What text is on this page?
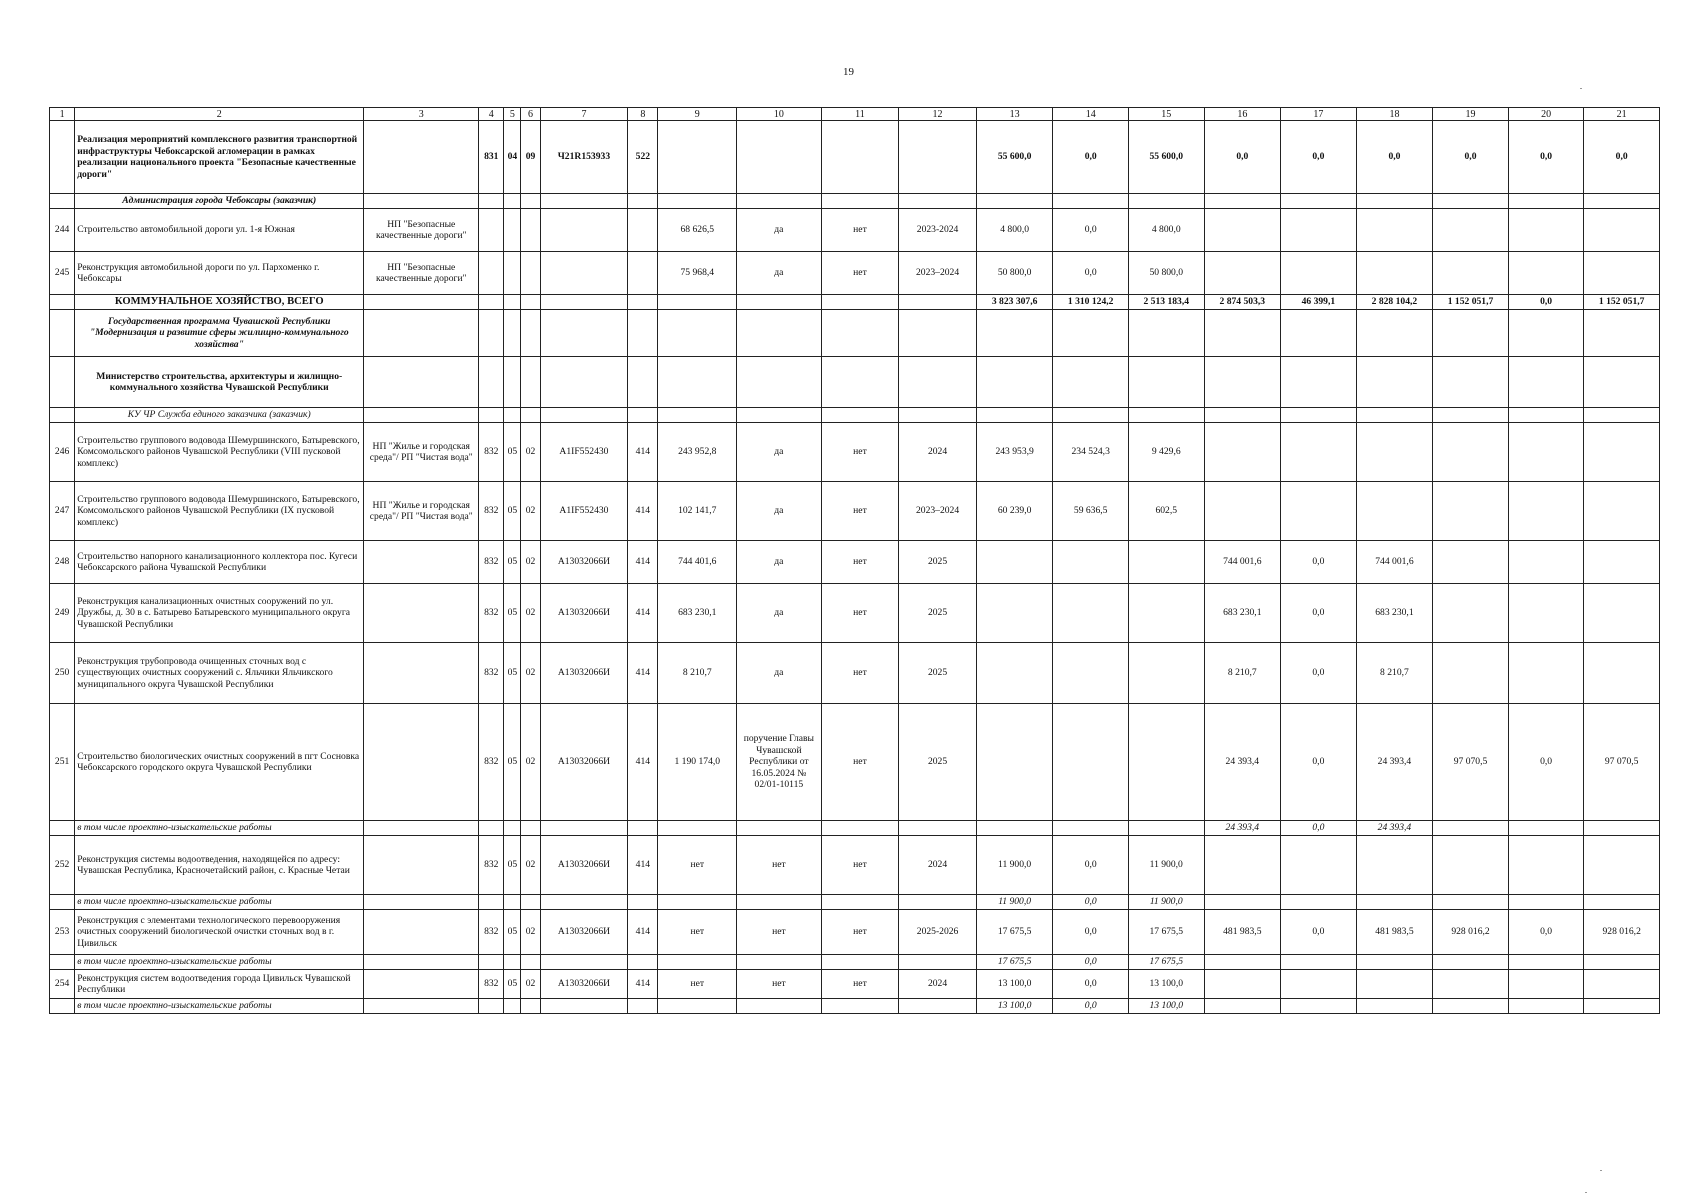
19
1	2	3	4	5	6	7	8	9	10	11	12	13	14	15	16	17	18	19	20	21
	Реализация мероприятий комплексного развития транспортной инфраструктуры Чебоксарской агломерации в рамках реализации национального проекта "Безопасные качественные дороги"		831	04	09	Ч21R153933	522					55 600,0	0,0	55 600,0	0,0	0,0	0,0	0,0	0,0	0,0
	Администрация города Чебоксары (заказчик)																			
244	Строительство автомобильной дороги ул. 1-я Южная	НП "Безопасные качественные дороги"						68 626,5	да	нет	2023-2024	4 800,0	0,0	4 800,0						
245	Реконструкция автомобильной дороги по ул. Пархоменко г. Чебоксары	НП "Безопасные качественные дороги"						75 968,4	да	нет	2023–2024	50 800,0	0,0	50 800,0						
	КОММУНАЛЬНОЕ ХОЗЯЙСТВО, ВСЕГО											3 823 307,6	1 310 124,2	2 513 183,4	2 874 503,3	46 399,1	2 828 104,2	1 152 051,7	0,0	1 152 051,7
	Государственная программа Чувашской Республики "Модернизация и развитие сферы жилищно-коммунального хозяйства"																			
	Министерство строительства, архитектуры и жилищно-коммунального хозяйства Чувашской Республики																			
	КУ ЧР Служба единого заказчика (заказчик)																			
246	Строительство группового водовода Шемуршинского, Батыревского, Комсомольского районов Чувашской Республики (VIII пусковой комплекс)	НП "Жилье и городская среда"/ РП "Чистая вода"	832	05	02	А1IF552430	414	243 952,8	да	нет	2024	243 953,9	234 524,3	9 429,6						
247	Строительство группового водовода Шемуршинского, Батыревского, Комсомольского районов Чувашской Республики (IX пусковой комплекс)	НП "Жилье и городская среда"/ РП "Чистая вода"	832	05	02	А1IF552430	414	102 141,7	да	нет	2023–2024	60 239,0	59 636,5	602,5						
248	Строительство напорного канализационного коллектора пос. Кугеси Чебоксарского района Чувашской Республики		832	05	02	А13032066И	414	744 401,6	да	нет	2025				744 001,6	0,0	744 001,6			
249	Реконструкция канализационных очистных сооружений по ул. Дружбы, д. 30 в с. Батырево Батыревского муниципального округа Чувашской Республики		832	05	02	А13032066И	414	683 230,1	да	нет	2025				683 230,1	0,0	683 230,1			
250	Реконструкция трубопровода очищенных сточных вод с существующих очистных сооружений с. Яльчики Яльчикского муниципального округа Чувашской Республики		832	05	02	А13032066И	414	8 210,7	да	нет	2025				8 210,7	0,0	8 210,7			
251	Строительство биологических очистных сооружений в пгт Сосновка Чебоксарского городского округа Чувашской Республики		832	05	02	А13032066И	414	1 190 174,0	поручение Главы Чувашской Республики от 16.05.2024 № 02/01-10115	нет	2025				24 393,4	0,0	24 393,4	97 070,5	0,0	97 070,5
	в том числе проектно-изыскательские работы														24 393,4	0,0	24 393,4			
252	Реконструкция системы водоотведения, находящейся по адресу: Чувашская Республика, Красночетайский район, с. Красные Четаи		832	05	02	А13032066И	414	нет	нет	нет	2024	11 900,0	0,0	11 900,0						
	в том числе проектно-изыскательские работы											11 900,0	0,0	11 900,0						
253	Реконструкция с элементами технологического перевооружения очистных сооружений биологической очистки сточных вод в г. Цивильск		832	05	02	А13032066И	414	нет	нет	нет	2025-2026	17 675,5	0,0	17 675,5	481 983,5	0,0	481 983,5	928 016,2	0,0	928 016,2
	в том числе проектно-изыскательские работы											17 675,5	0,0	17 675,5						
254	Реконструкция систем водоотведения города Цивильск Чувашской Республики		832	05	02	А13032066И	414	нет	нет	нет	2024	13 100,0	0,0	13 100,0						
	в том числе проектно-изыскательские работы											13 100,0	0,0	13 100,0						
